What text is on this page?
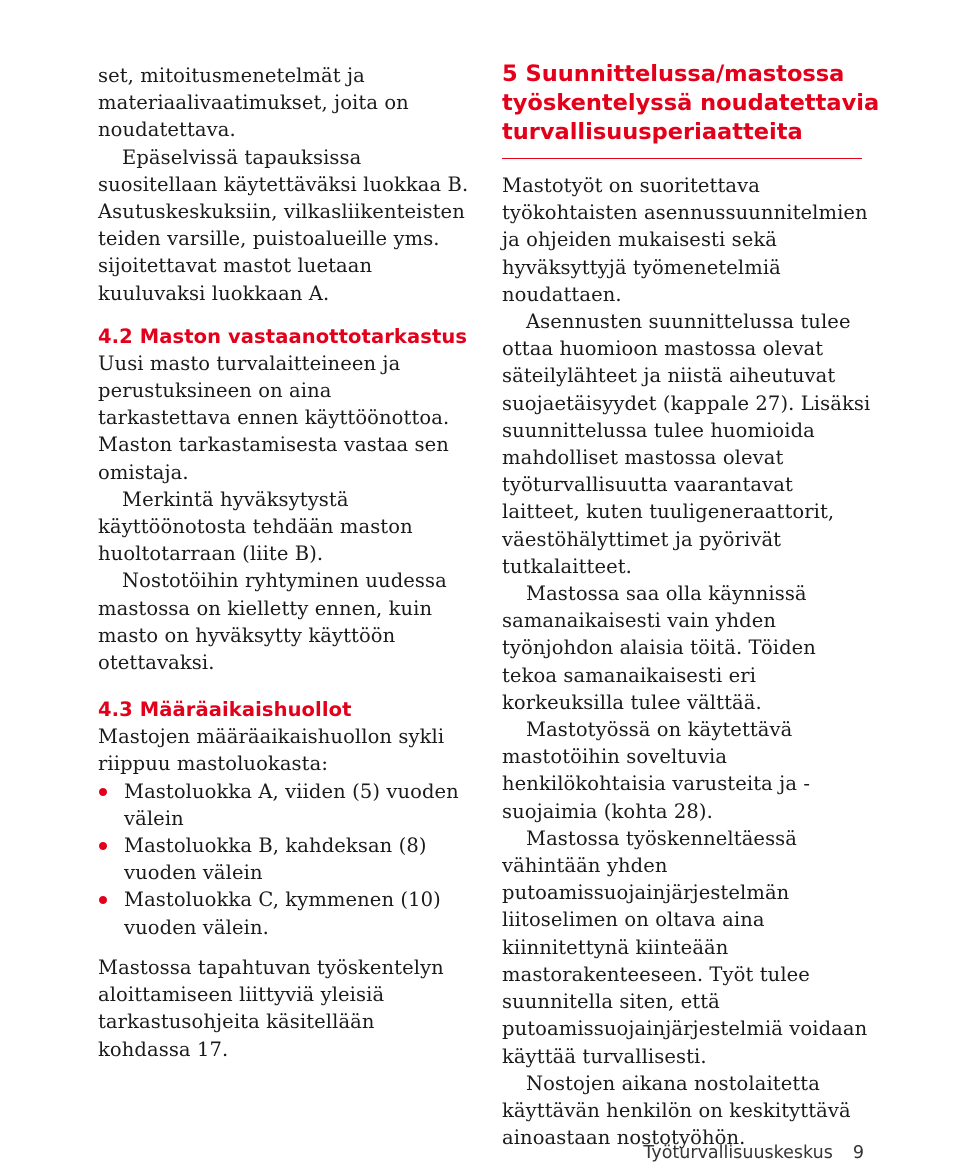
set, mitoitusmenetelmät ja materiaalivaatimukset, joita on noudatettava.

Epäselvissä tapauksissa suositellaan käytettäväksi luokkaa B. Asutuskeskuksiin, vilkasliikenteisten teiden varsille, puistoalueille yms. sijoitettavat mastot luetaan kuuluvaksi luokkaan A.

4.2 Maston vastaanottotarkastus

Uusi masto turvalaitteineen ja perustuksineen on aina tarkastettava ennen käyttöönottoa. Maston tarkastamisesta vastaa sen omistaja.

Merkintä hyväksytystä käyttöönotosta tehdään maston huoltotarraan (liite B).

Nostotöihin ryhtyminen uudessa mastossa on kielletty ennen, kuin masto on hyväksytty käyttöön otettavaksi.

4.3 Määräaikaishuollot

Mastojen määräaikaishuollon sykli riippuu mastoluokasta:

Mastoluokka A, viiden (5) vuoden välein
Mastoluokka B, kahdeksan (8) vuoden välein
Mastoluokka C, kymmenen (10) vuoden välein.

Mastossa tapahtuvan työskentelyn aloittamiseen liittyviä yleisiä tarkastusohjeita käsitellään kohdassa 17.

5 Suunnittelussa/mastossa työskentelyssä noudatettavia turvallisuusperiaatteita

Mastotyöt on suoritettava työkohtaisten asennussuunnitelmien ja ohjeiden mukaisesti sekä hyväksyttyjä työmenetelmiä noudattaen.

Asennusten suunnittelussa tulee ottaa huomioon mastossa olevat säteilylähteet ja niistä aiheutuvat suojaetäisyydet (kappale 27). Lisäksi suunnittelussa tulee huomioida mahdolliset mastossa olevat työturvallisuutta vaarantavat laitteet, kuten tuuligeneraattorit, väestöhälyttimet ja pyörivät tutkalaitteet.

Mastossa saa olla käynnissä samanaikaisesti vain yhden työnjohdon alaisia töitä. Töiden tekoa samanaikaisesti eri korkeuksilla tulee välttää.

Mastotyössä on käytettävä mastotöihin soveltuvia henkilökohtaisia varusteita ja -suojaimia (kohta 28).

Mastossa työskenneltäessä vähintään yhden putoamissuojainjärjestelmän liitoselimen on oltava aina kiinnitettynä kiinteään mastorakenteeseen. Työt tulee suunnitella siten, että putoamissuojainjärjestelmiä voidaan käyttää turvallisesti.

Nostojen aikana nostolaitetta käyttävän henkilön on keskityttävä ainoastaan nostotyöhön.

Työturvallisuuskeskus 9
